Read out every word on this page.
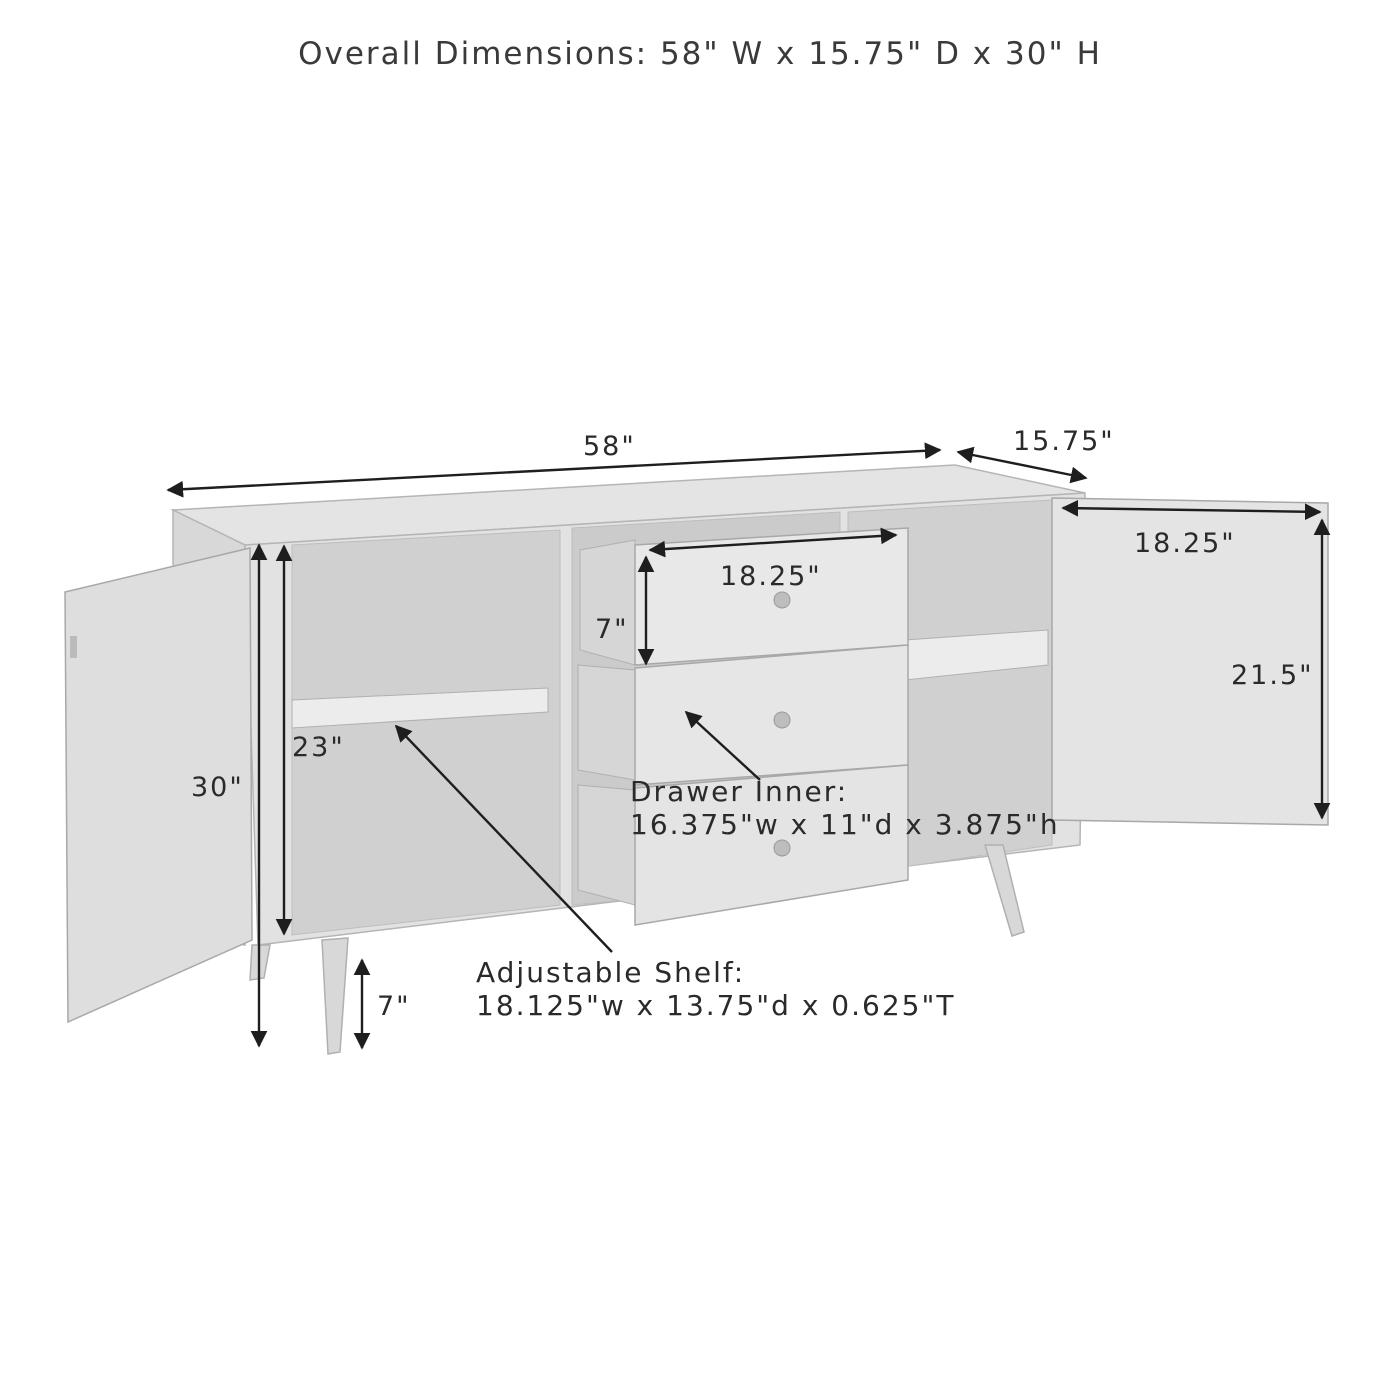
Overall Dimensions: 58" W x 15.75" D x 30" H
58"	15.75"
18.25"
21.5"
18.25"
7"
23"
30"
7"
Drawer Inner:
16.375"w x 11"d x 3.875"h
Adjustable Shelf:
18.125"w x 13.75"d x 0.625"T
